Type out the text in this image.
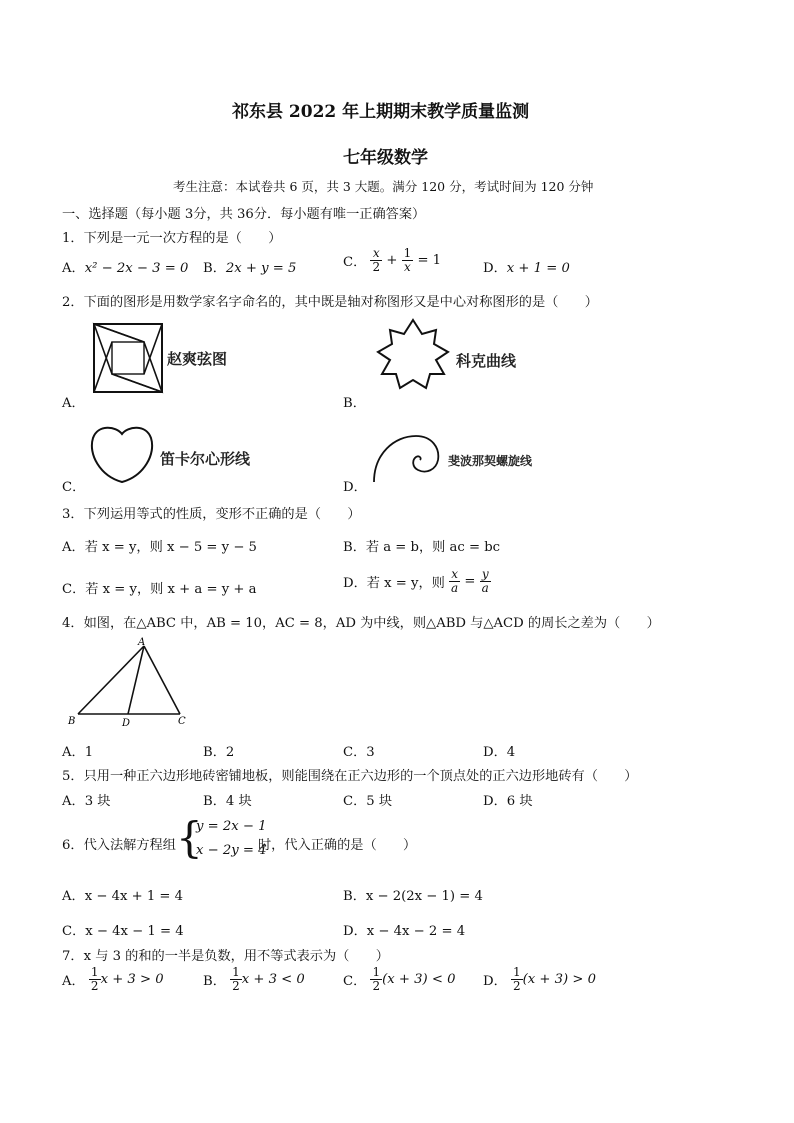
祁东县 2022 年上期期末教学质量监测
七年级数学
考生注意：本试卷共 6 页，共 3 大题。满分 120 分，考试时间为 120 分钟
一、选择题（每小题 3分，共 36分．每小题有唯一正确答案）
1．下列是一元一次方程的是（　　）
A．x² − 2x − 3 = 0 B．2x + y = 5	C． $\frac{x}{2} + \frac{1}{x} = 1$
D．x + 1 = 0
2．下面的图形是用数学家名字命名的，其中既是轴对称图形又是中心对称图形的是（　　）
赵爽弦图
A．
科克曲线
B．
笛卡尔心形线
C．
斐波那契螺旋线
D．
3．下列运用等式的性质，变形不正确的是（　　）
A．若 x = y，则 x − 5 = y − 5	B．若 a = b，则 ac = bc
C．若 x = y，则 x + a = y + a	D．若 x = y，则 $\frac{x}{a} = \frac{y}{a}$
4．如图，在△ABC 中，AB = 10，AC = 8，AD 为中线，则△ABD 与△ACD 的周长之差为（　　）
A
B	D	C
A．1	B．2	C．3	D．4
5．只用一种正六边形地砖密铺地板，则能围绕在正六边形的一个顶点处的正六边形地砖有（　　）
A．3 块	B．4 块	C．5 块	D．6 块
6．代入法解方程组 {
y = 2x − 1
x − 2y = 4
时，代入正确的是（　　）
A．x − 4x + 1 = 4	B．x − 2(2x − 1) = 4
C．x − 4x − 1 = 4	D．x − 4x − 2 = 4
7．x 与 3 的和的一半是负数，用不等式表示为（　　）
A． $\frac{1}{2}$ x + 3 > 0	B． $\frac{1}{2}$ x + 3 < 0	C． $\frac{1}{2} (x + 3) < 0$ D． $\frac{1}{2} (x + 3) > 0$
